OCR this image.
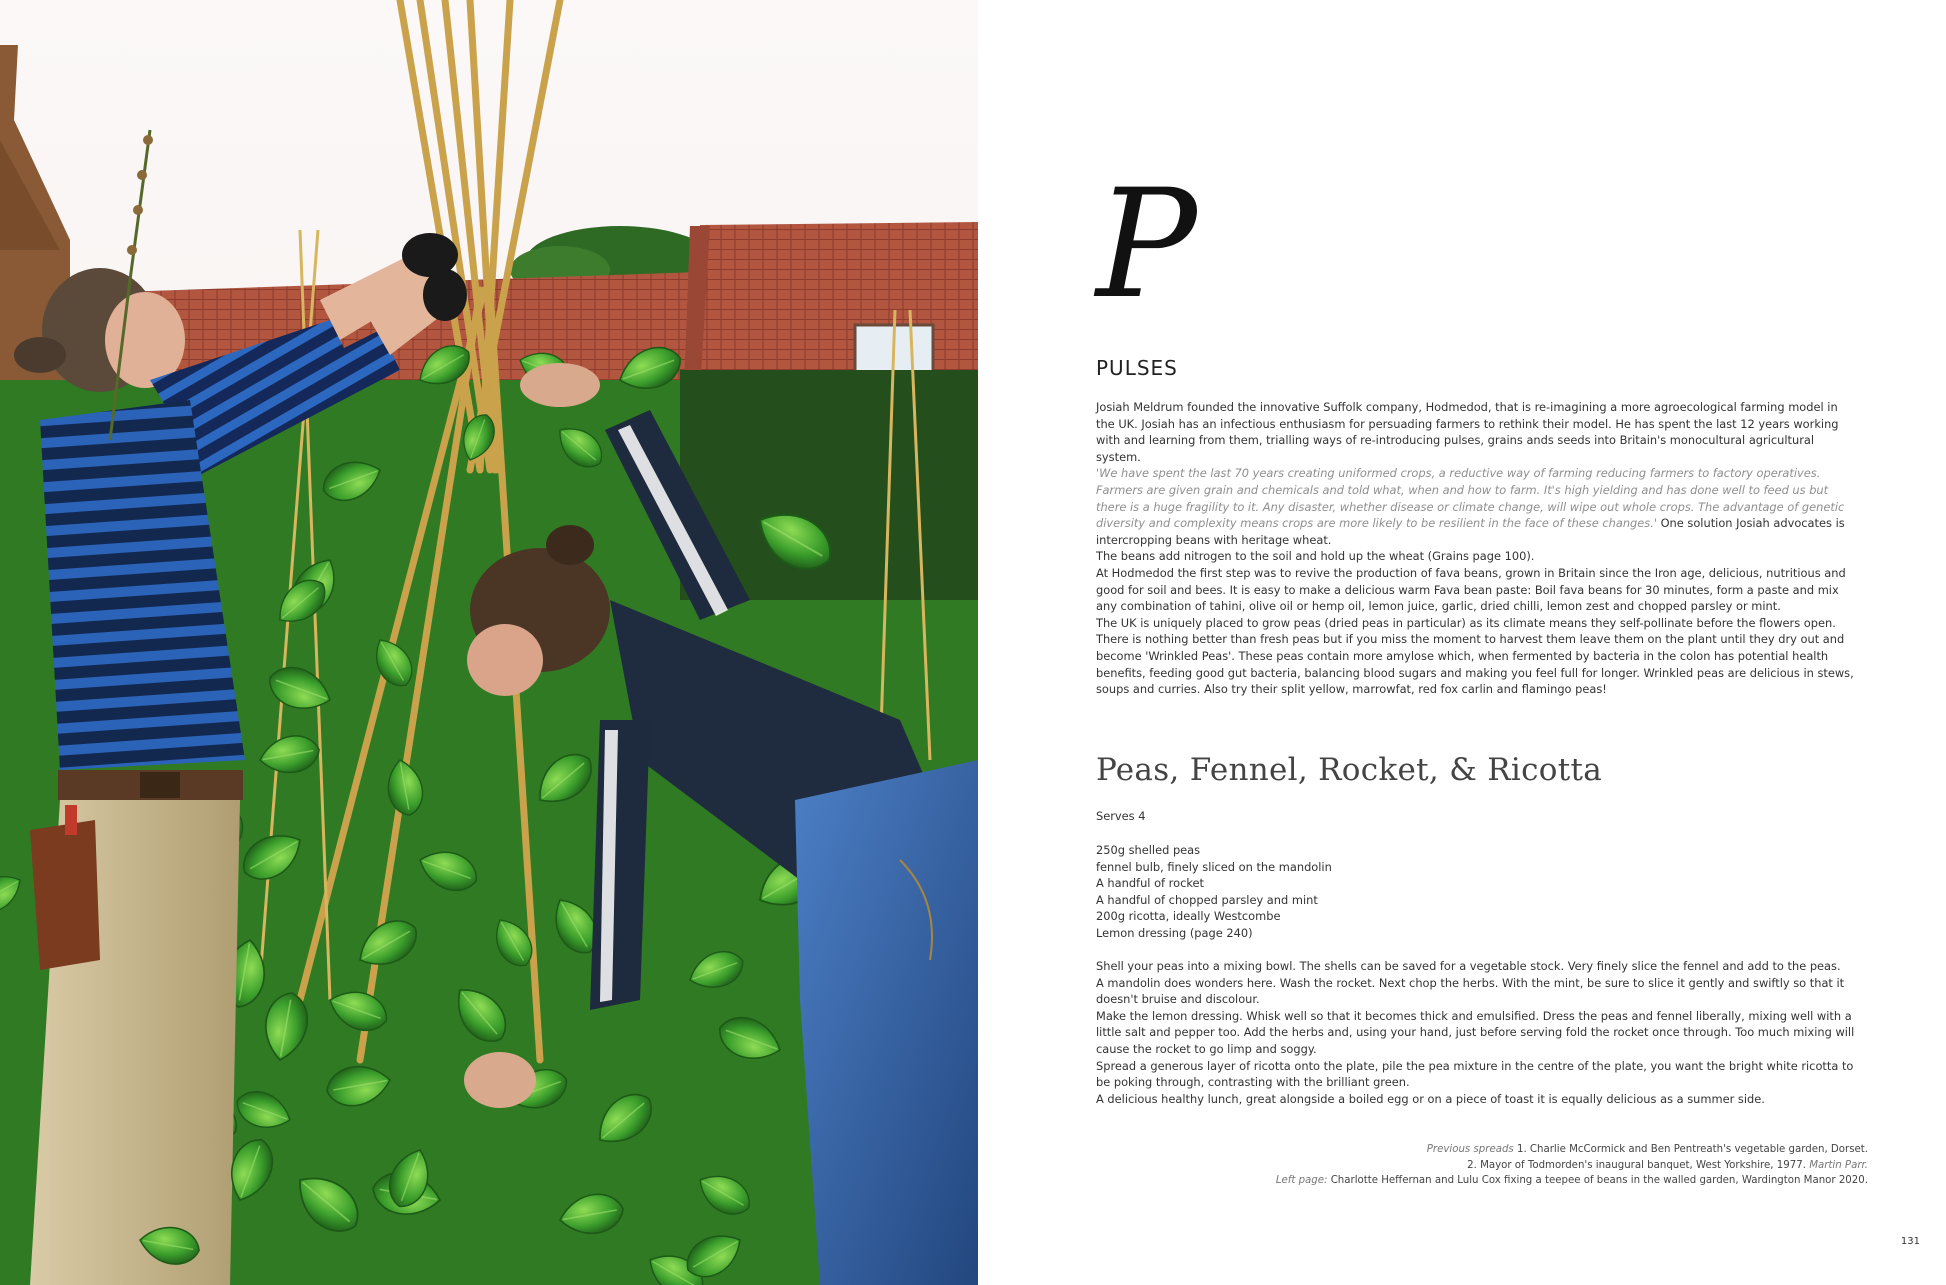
P
PULSES

Josiah Meldrum founded the innovative Suffolk company, Hodmedod, that is re-imagining a more agroecological farming model in the UK. Josiah has an infectious enthusiasm for persuading farmers to rethink their model. He has spent the last 12 years working with and learning from them, trialling ways of re-introducing pulses, grains ands seeds into Britain's monocultural agricultural system.

'We have spent the last 70 years creating uniformed crops, a reductive way of farming reducing farmers to factory operatives. Farmers are given grain and chemicals and told what, when and how to farm. It's high yielding and has done well to feed us but there is a huge fragility to it. Any disaster, whether disease or climate change, will wipe out whole crops. The advantage of genetic diversity and complexity means crops are more likely to be resilient in the face of these changes.' One solution Josiah advocates is intercropping beans with heritage wheat.

The beans add nitrogen to the soil and hold up the wheat (Grains page 100).

At Hodmedod the first step was to revive the production of fava beans, grown in Britain since the Iron age, delicious, nutritious and good for soil and bees. It is easy to make a delicious warm Fava bean paste: Boil fava beans for 30 minutes, form a paste and mix any combination of tahini, olive oil or hemp oil, lemon juice, garlic, dried chilli, lemon zest and chopped parsley or mint.

The UK is uniquely placed to grow peas (dried peas in particular) as its climate means they self-pollinate before the flowers open. There is nothing better than fresh peas but if you miss the moment to harvest them leave them on the plant until they dry out and become 'Wrinkled Peas'. These peas contain more amylose which, when fermented by bacteria in the colon has potential health benefits, feeding good gut bacteria, balancing blood sugars and making you feel full for longer. Wrinkled peas are delicious in stews, soups and curries. Also try their split yellow, marrowfat, red fox carlin and flamingo peas!

Peas, Fennel, Rocket, & Ricotta

Serves 4

250g shelled peas
fennel bulb, finely sliced on the mandolin
A handful of rocket
A handful of chopped parsley and mint
200g ricotta, ideally Westcombe
Lemon dressing (page 240)

Shell your peas into a mixing bowl. The shells can be saved for a vegetable stock. Very finely slice the fennel and add to the peas.

A mandolin does wonders here. Wash the rocket. Next chop the herbs. With the mint, be sure to slice it gently and swiftly so that it doesn't bruise and discolour.

Make the lemon dressing. Whisk well so that it becomes thick and emulsified. Dress the peas and fennel liberally, mixing well with a little salt and pepper too. Add the herbs and, using your hand, just before serving fold the rocket once through. Too much mixing will cause the rocket to go limp and soggy.

Spread a generous layer of ricotta onto the plate, pile the pea mixture in the centre of the plate, you want the bright white ricotta to be poking through, contrasting with the brilliant green.

A delicious healthy lunch, great alongside a boiled egg or on a piece of toast it is equally delicious as a summer side.

Previous spreads 1. Charlie McCormick and Ben Pentreath's vegetable garden, Dorset.

2. Mayor of Todmorden's inaugural banquet, West Yorkshire, 1977. Martin Parr.

Left page: Charlotte Heffernan and Lulu Cox fixing a teepee of beans in the walled garden, Wardington Manor 2020.

131
